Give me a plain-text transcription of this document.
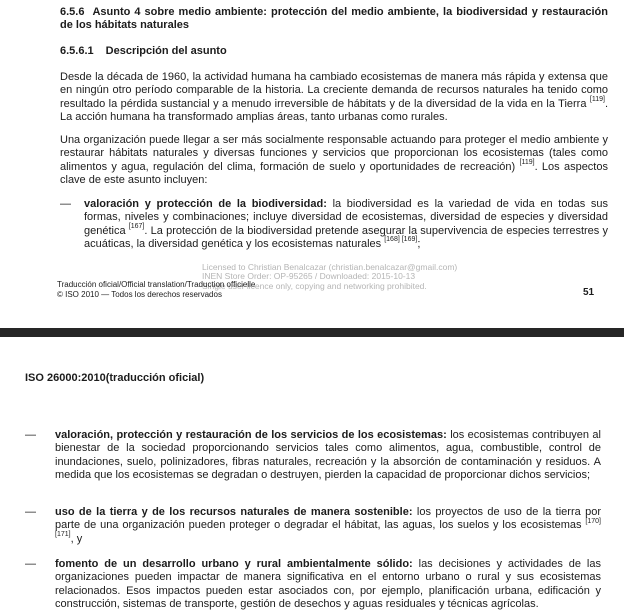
6.5.6 Asunto 4 sobre medio ambiente: protección del medio ambiente, la biodiversidad y restauración de los hábitats naturales
6.5.6.1 Descripción del asunto
Desde la década de 1960, la actividad humana ha cambiado ecosistemas de manera más rápida y extensa que en ningún otro período comparable de la historia. La creciente demanda de recursos naturales ha tenido como resultado la pérdida sustancial y a menudo irreversible de hábitats y de la diversidad de la vida en la Tierra [119]. La acción humana ha transformado amplias áreas, tanto urbanas como rurales.
Una organización puede llegar a ser más socialmente responsable actuando para proteger el medio ambiente y restaurar hábitats naturales y diversas funciones y servicios que proporcionan los ecosistemas (tales como alimentos y agua, regulación del clima, formación de suelo y oportunidades de recreación) [119]. Los aspectos clave de este asunto incluyen:
—	valoración y protección de la biodiversidad: la biodiversidad es la variedad de vida en todas sus formas, niveles y combinaciones; incluye diversidad de ecosistemas, diversidad de especies y diversidad genética [167]. La protección de la biodiversidad pretende asegurar la supervivencia de especies terrestres y acuáticas, la diversidad genética y los ecosistemas naturales [168] [169];
Licensed to Christian Benalcazar (christian.benalcazar@gmail.com)
INEN Store Order: OP-95265 / Downloaded: 2015-10-13
Single user licence only, copying and networking prohibited.
Traducción oficial/Official translation/Traduction officielle
© ISO 2010 — Todos los derechos reservados	51
ISO 26000:2010(traducción oficial)
—	valoración, protección y restauración de los servicios de los ecosistemas: los ecosistemas contribuyen al bienestar de la sociedad proporcionando servicios tales como alimentos, agua, combustible, control de inundaciones, suelo, polinizadores, fibras naturales, recreación y la absorción de contaminación y residuos. A medida que los ecosistemas se degradan o destruyen, pierden la capacidad de proporcionar dichos servicios;
—	uso de la tierra y de los recursos naturales de manera sostenible: los proyectos de uso de la tierra por parte de una organización pueden proteger o degradar el hábitat, las aguas, los suelos y los ecosistemas [170] [171], y
—	fomento de un desarrollo urbano y rural ambientalmente sólido: las decisiones y actividades de las organizaciones pueden impactar de manera significativa en el entorno urbano o rural y sus ecosistemas relacionados. Esos impactos pueden estar asociados con, por ejemplo, planificación urbana, edificación y construcción, sistemas de transporte, gestión de desechos y aguas residuales y técnicas agrícolas.
